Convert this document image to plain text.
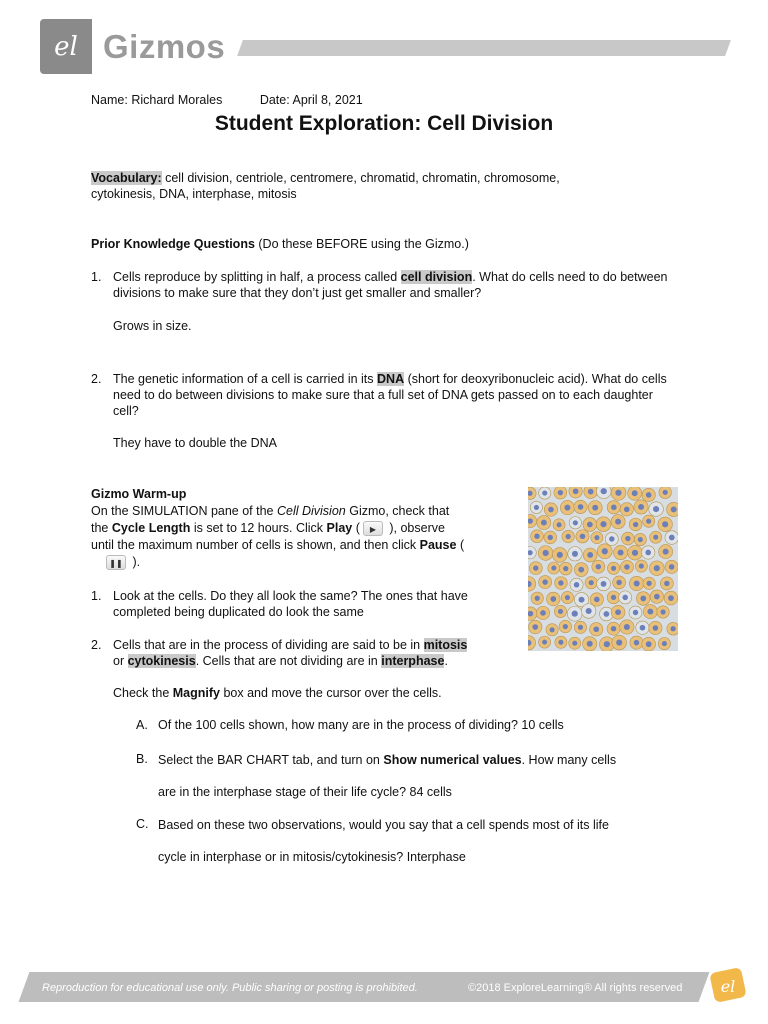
el Gizmos
Name: Richard Morales	Date: April 8, 2021
Student Exploration: Cell Division
Vocabulary: cell division, centriole, centromere, chromatid, chromatin, chromosome,
cytokinesis, DNA, interphase, mitosis
Prior Knowledge Questions (Do these BEFORE using the Gizmo.)
1. Cells reproduce by splitting in half, a process called cell division. What do cells need to do between divisions to make sure that they don’t just get smaller and smaller?
Grows in size.
2. The genetic information of a cell is carried in its DNA (short for deoxyribonucleic acid). What do cells need to do between divisions to make sure that a full set of DNA gets passed on to each daughter cell?
They have to double the DNA
Gizmo Warm-up
On the SIMULATION pane of the Cell Division Gizmo, check that
the Cycle Length is set to 12 hours. Click Play (	▶ ), observe
until the maximum number of cells is shown, and then click Pause (

❚❚ ).
1. Look at the cells. Do they all look the same? The ones that have
completed being duplicated do look the same
2. Cells that are in the process of dividing are said to be in mitosis
or cytokinesis. Cells that are not dividing are in interphase.
Check the Magnify box and move the cursor over the cells.
A. Of the 100 cells shown, how many are in the process of dividing? 10 cells
B. Select the BAR CHART tab, and turn on Show numerical values. How many cells
are in the interphase stage of their life cycle? 84 cells
C. Based on these two observations, would you say that a cell spends most of its life
cycle in interphase or in mitosis/cytokinesis? Interphase
Reproduction for educational use only. Public sharing or posting is prohibited.	©2018 ExploreLearning® All rights reserved el
